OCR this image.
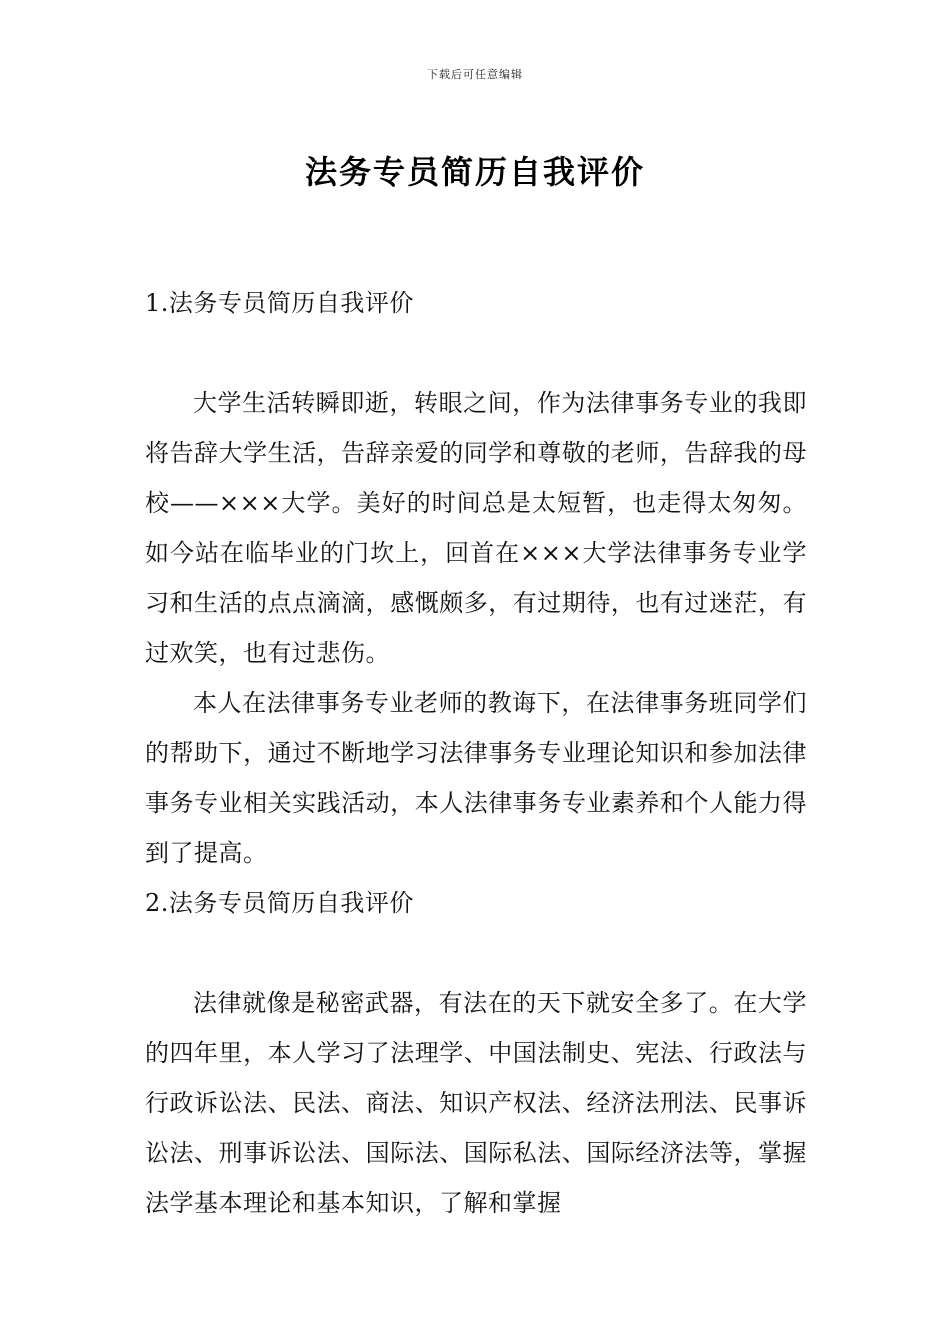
下载后可任意编辑
法务专员简历自我评价
1.法务专员简历自我评价

大学生活转瞬即逝，转眼之间，作为法律事务专业的我即将告辞大学生活，告辞亲爱的同学和尊敬的老师，告辞我的母校——×××大学。美好的时间总是太短暂，也走得太匆匆。如今站在临毕业的门坎上，回首在×××大学法律事务专业学习和生活的点点滴滴，感慨颇多，有过期待，也有过迷茫，有过欢笑，也有过悲伤。

本人在法律事务专业老师的教诲下，在法律事务班同学们的帮助下，通过不断地学习法律事务专业理论知识和参加法律事务专业相关实践活动，本人法律事务专业素养和个人能力得到了提高。

2.法务专员简历自我评价

法律就像是秘密武器，有法在的天下就安全多了。在大学的四年里，本人学习了法理学、中国法制史、宪法、行政法与行政诉讼法、民法、商法、知识产权法、经济法刑法、民事诉讼法、刑事诉讼法、国际法、国际私法、国际经济法等，掌握法学基本理论和基本知识，了解和掌握
